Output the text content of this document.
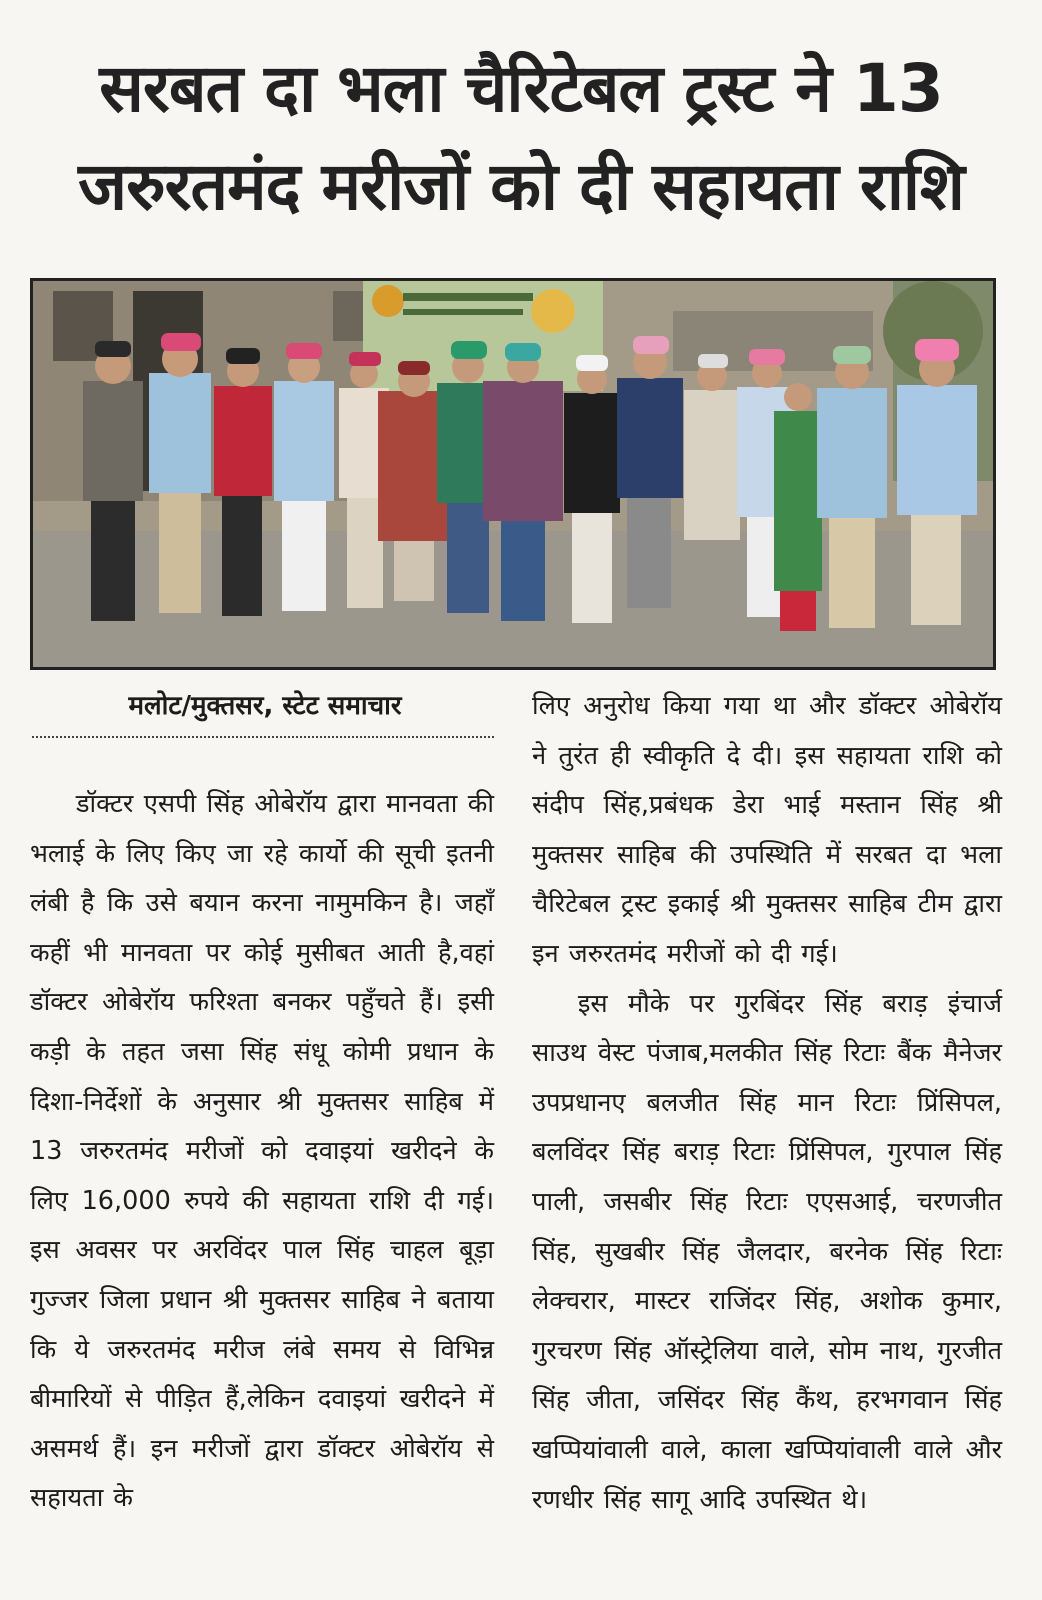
सरबत दा भला चैरिटेबल ट्रस्ट ने 13
जरुरतमंद मरीजों को दी सहायता राशि
मलोट/मुक्तसर, स्टेट समाचार

डॉक्टर एसपी सिंह ओबेरॉय द्वारा मानवता की भलाई के लिए किए जा रहे कार्यो की सूची इतनी लंबी है कि उसे बयान करना नामुमकिन है। जहाँ कहीं भी मानवता पर कोई मुसीबत आती है,वहां डॉक्टर ओबेरॉय फरिश्ता बनकर पहुँचते हैं। इसी कड़ी के तहत जसा सिंह संधू कोमी प्रधान के दिशा-निर्देशों के अनुसार श्री मुक्तसर साहिब में 13 जरुरतमंद मरीजों को दवाइयां खरीदने के लिए 16,000 रुपये की सहायता राशि दी गई। इस अवसर पर अरविंदर पाल सिंह चाहल बूड़ा गुज्जर जिला प्रधान श्री मुक्तसर साहिब ने बताया कि ये जरुरतमंद मरीज लंबे समय से विभिन्न बीमारियों से पीड़ित हैं,लेकिन दवाइयां खरीदने में असमर्थ हैं। इन मरीजों द्वारा डॉक्टर ओबेरॉय से सहायता के

लिए अनुरोध किया गया था और डॉक्टर ओबेरॉय ने तुरंत ही स्वीकृति दे दी। इस सहायता राशि को संदीप सिंह,प्रबंधक डेरा भाई मस्तान सिंह श्री मुक्तसर साहिब की उपस्थिति में सरबत दा भला चैरिटेबल ट्रस्ट इकाई श्री मुक्तसर साहिब टीम द्वारा इन जरुरतमंद मरीजों को दी गई।

इस मौके पर गुरबिंदर सिंह बराड़ इंचार्ज साउथ वेस्ट पंजाब,मलकीत सिंह रिटाः बैंक मैनेजर उपप्रधानए बलजीत सिंह मान रिटाः प्रिंसिपल, बलविंदर सिंह बराड़ रिटाः प्रिंसिपल, गुरपाल सिंह पाली, जसबीर सिंह रिटाः एएसआई, चरणजीत सिंह, सुखबीर सिंह जैलदार, बरनेक सिंह रिटाः लेक्चरार, मास्टर राजिंदर सिंह, अशोक कुमार, गुरचरण सिंह ऑस्ट्रेलिया वाले, सोम नाथ, गुरजीत सिंह जीता, जसिंदर सिंह कैंथ, हरभगवान सिंह खप्पियांवाली वाले, काला खप्पियांवाली वाले और रणधीर सिंह सागू आदि उपस्थित थे।
